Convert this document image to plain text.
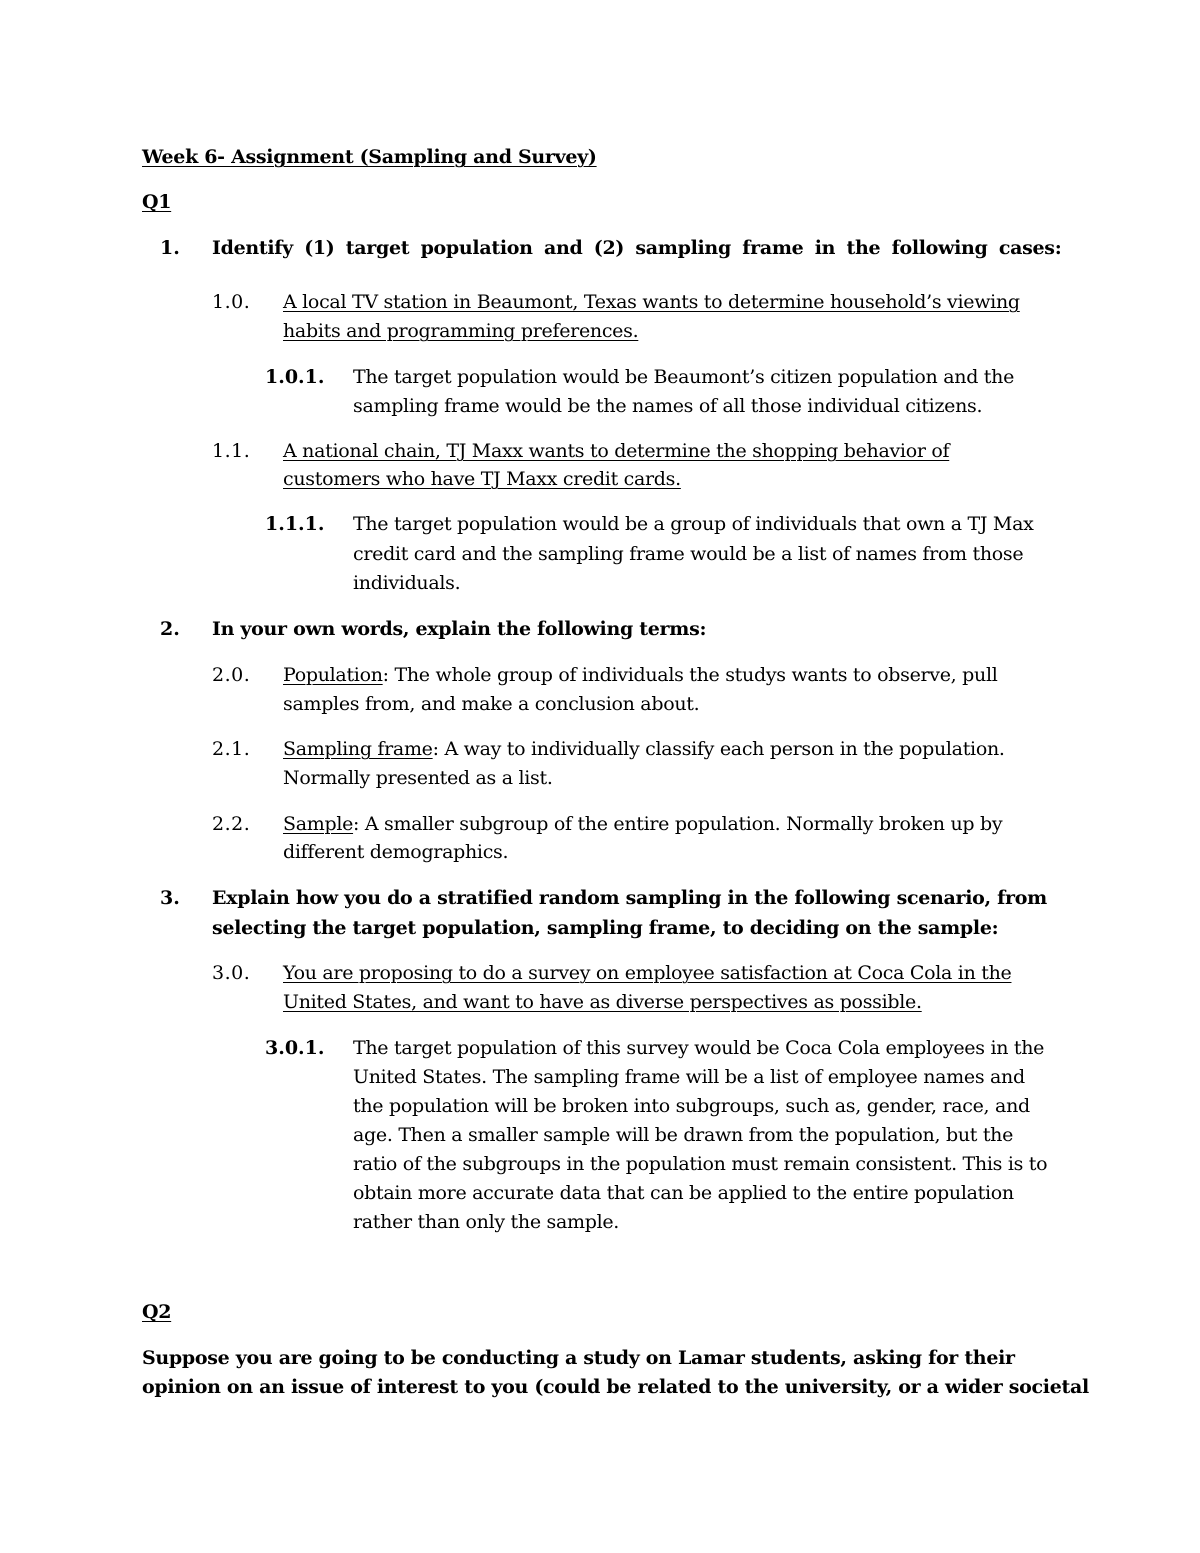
Week 6- Assignment (Sampling and Survey)
Q1
1. Identify (1) target population and (2) sampling frame in the following cases:
1.0. A local TV station in Beaumont, Texas wants to determine household’s viewing
habits and programming preferences.
1.0.1. The target population would be Beaumont’s citizen population and the
sampling frame would be the names of all those individual citizens.
1.1. A national chain, TJ Maxx wants to determine the shopping behavior of
customers who have TJ Maxx credit cards.
1.1.1. The target population would be a group of individuals that own a TJ Max
credit card and the sampling frame would be a list of names from those
individuals.
2. In your own words, explain the following terms:
2.0. Population: The whole group of individuals the studys wants to observe, pull
samples from, and make a conclusion about.
2.1. Sampling frame: A way to individually classify each person in the population.
Normally presented as a list.
2.2. Sample: A smaller subgroup of the entire population. Normally broken up by
different demographics.
3. Explain how you do a stratified random sampling in the following scenario, from
selecting the target population, sampling frame, to deciding on the sample:
3.0. You are proposing to do a survey on employee satisfaction at Coca Cola in the
United States, and want to have as diverse perspectives as possible.
3.0.1. The target population of this survey would be Coca Cola employees in the
United States. The sampling frame will be a list of employee names and
the population will be broken into subgroups, such as, gender, race, and
age. Then a smaller sample will be drawn from the population, but the
ratio of the subgroups in the population must remain consistent. This is to
obtain more accurate data that can be applied to the entire population
rather than only the sample.
Q2
Suppose you are going to be conducting a study on Lamar students, asking for their
opinion on an issue of interest to you (could be related to the university, or a wider societal
